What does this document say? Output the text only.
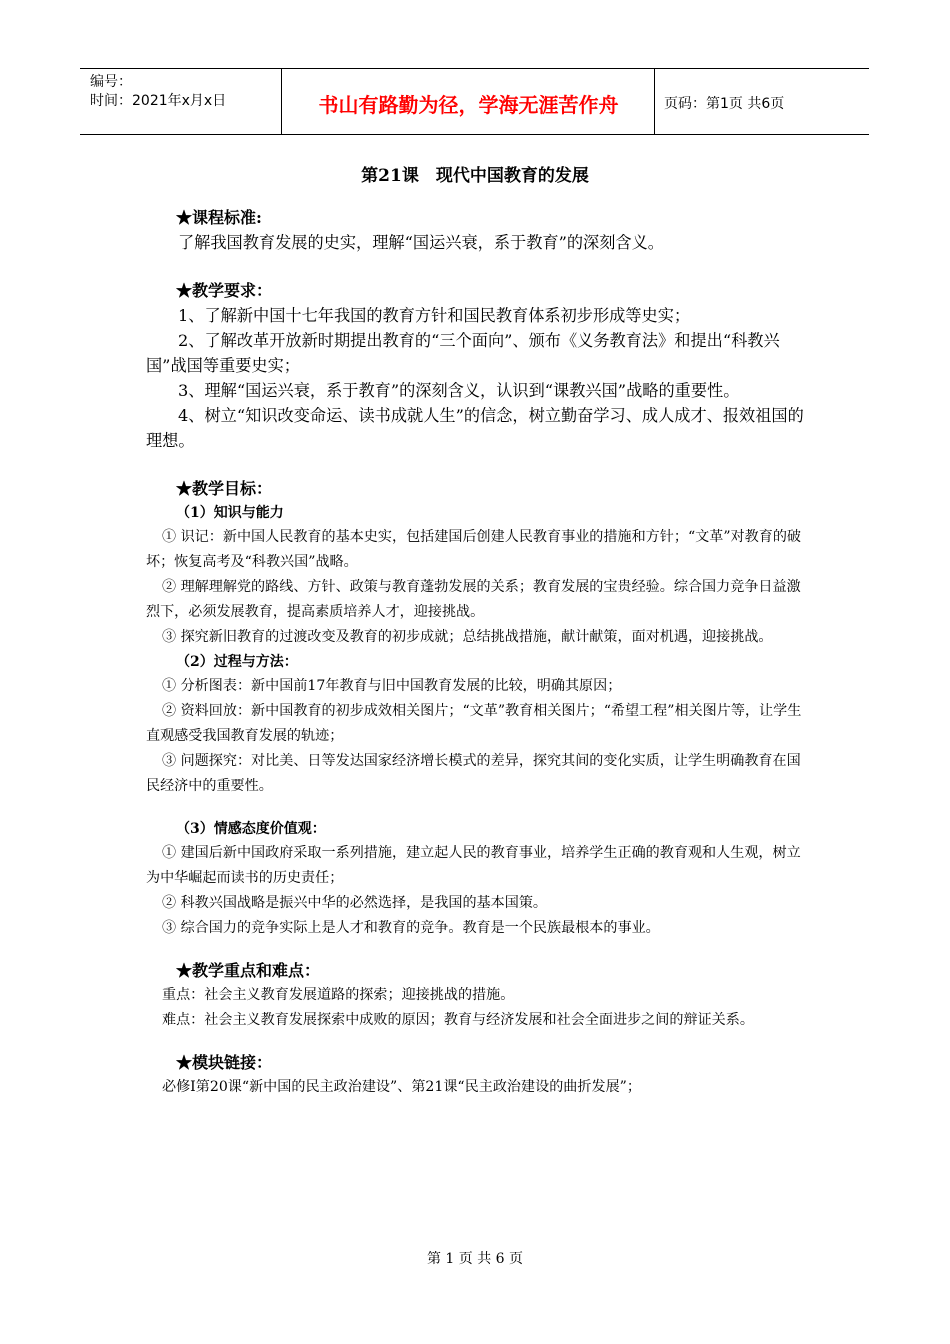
编号：
时间：2021年x月x日	书山有路勤为径，学海无涯苦作舟	页码：第1页 共6页
第21课　现代中国教育的发展
★课程标准:

了解我国教育发展的史实，理解“国运兴衰，系于教育”的深刻含义。

★教学要求：

1、了解新中国十七年我国的教育方针和国民教育体系初步形成等史实；

2、了解改革开放新时期提出教育的“三个面向”、颁布《义务教育法》和提出“科教兴国”战国等重要史实；

3、理解“国运兴衰，系于教育”的深刻含义，认识到“课教兴国”战略的重要性。

4、树立“知识改变命运、读书成就人生”的信念，树立勤奋学习、成人成才、报效祖国的理想。

★教学目标：
（1）知识与能力

① 识记：新中国人民教育的基本史实，包括建国后创建人民教育事业的措施和方针；“文革”对教育的破坏；恢复高考及“科教兴国”战略。

② 理解理解党的路线、方针、政策与教育蓬勃发展的关系；教育发展的宝贵经验。综合国力竞争日益激烈下，必须发展教育，提高素质培养人才，迎接挑战。

③ 探究新旧教育的过渡改变及教育的初步成就；总结挑战措施，献计献策，面对机遇，迎接挑战。

（2）过程与方法：

① 分析图表：新中国前17年教育与旧中国教育发展的比较，明确其原因；

② 资料回放：新中国教育的初步成效相关图片；“文革”教育相关图片；“希望工程”相关图片等，让学生直观感受我国教育发展的轨迹；

③ 问题探究：对比美、日等发达国家经济增长模式的差异，探究其间的变化实质，让学生明确教育在国民经济中的重要性。

（3）情感态度价值观：

① 建国后新中国政府采取一系列措施，建立起人民的教育事业，培养学生正确的教育观和人生观，树立为中华崛起而读书的历史责任；

② 科教兴国战略是振兴中华的必然选择，是我国的基本国策。

③ 综合国力的竞争实际上是人才和教育的竞争。教育是一个民族最根本的事业。

★教学重点和难点：

重点：社会主义教育发展道路的探索；迎接挑战的措施。

难点：社会主义教育发展探索中成败的原因；教育与经济发展和社会全面进步之间的辩证关系。

★模块链接：

必修Ⅰ第20课“新中国的民主政治建设”、第21课“民主政治建设的曲折发展”；

第 1 页 共 6 页
